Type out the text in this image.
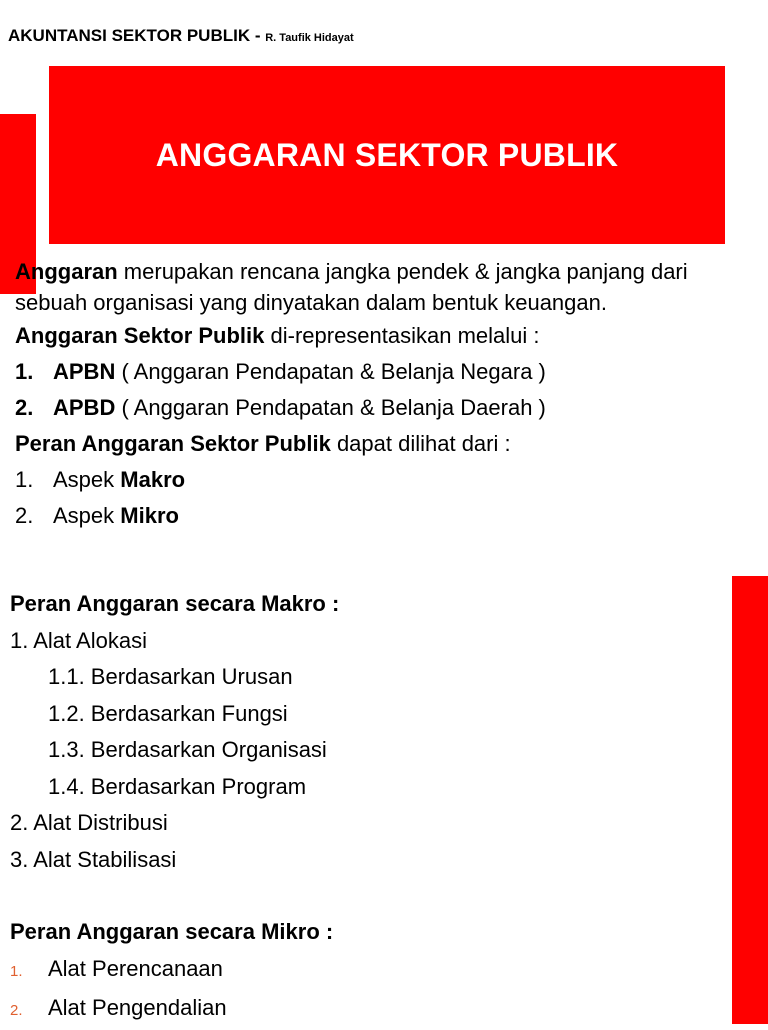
AKUNTANSI SEKTOR PUBLIK - R. Taufik Hidayat
ANGGARAN SEKTOR PUBLIK

Anggaran merupakan rencana jangka pendek & jangka panjang dari sebuah organisasi yang dinyatakan dalam bentuk keuangan.

Anggaran Sektor Publik di-representasikan melalui :

1. APBN ( Anggaran Pendapatan & Belanja Negara )

2. APBD ( Anggaran Pendapatan & Belanja Daerah )

Peran Anggaran Sektor Publik dapat dilihat dari :

1. Aspek Makro

2. Aspek Mikro

Peran Anggaran secara Makro :

1. Alat Alokasi

1.1. Berdasarkan Urusan

1.2. Berdasarkan Fungsi

1.3. Berdasarkan Organisasi

1.4. Berdasarkan Program

2. Alat Distribusi

3. Alat Stabilisasi

Peran Anggaran secara Mikro :

1. Alat Perencanaan

2. Alat Pengendalian
